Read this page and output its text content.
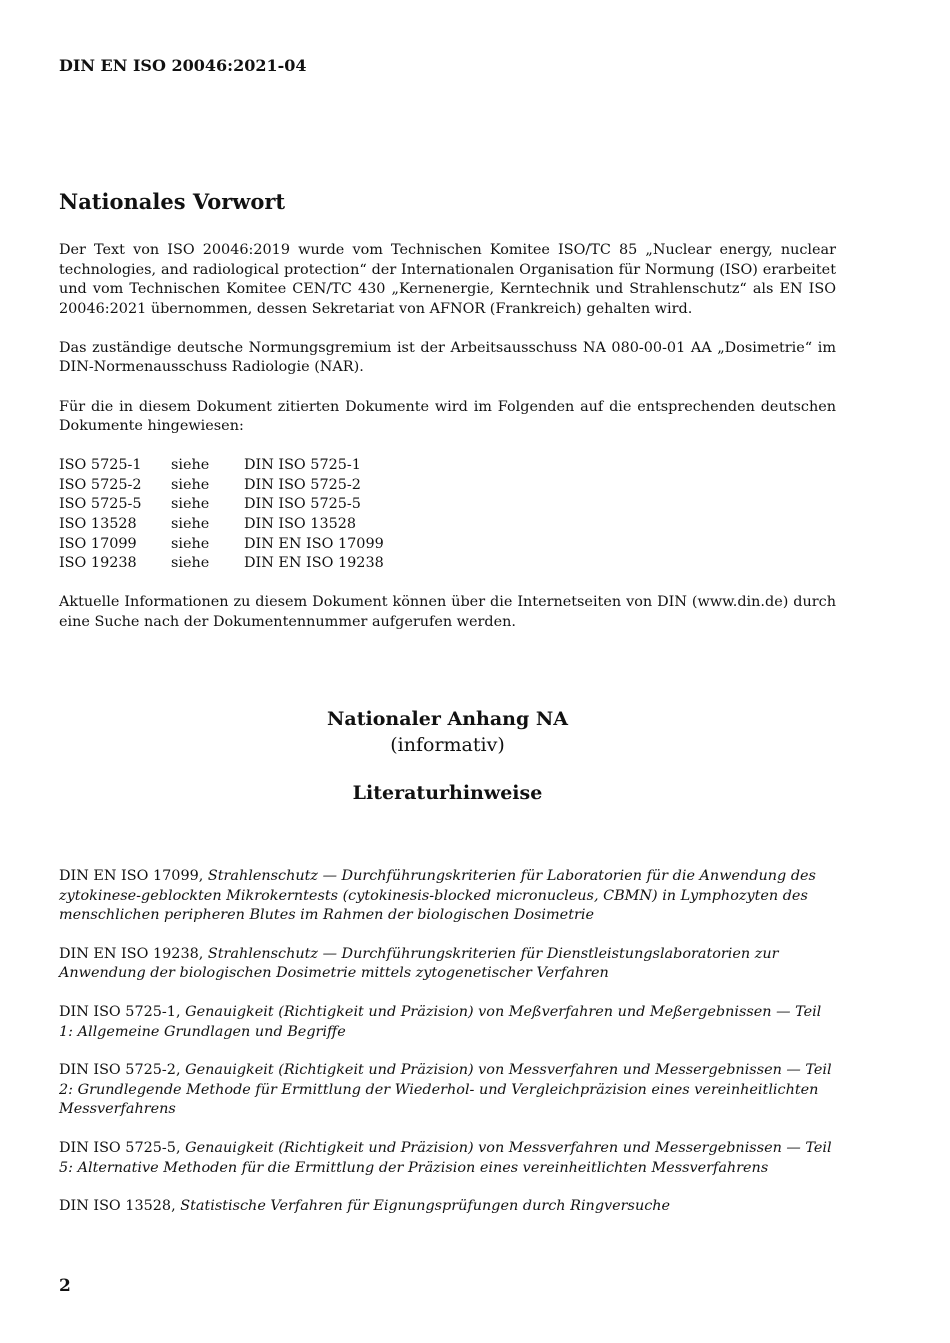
DIN EN ISO 20046:2021-04
Nationales Vorwort

Der Text von ISO 20046:2019 wurde vom Technischen Komitee ISO/TC 85 „Nuclear energy, nuclear technologies, and radiological protection“ der Internationalen Organisation für Normung (ISO) erarbeitet und vom Technischen Komitee CEN/TC 430 „Kernenergie, Kerntechnik und Strahlenschutz“ als EN ISO 20046:2021 übernommen, dessen Sekretariat von AFNOR (Frankreich) gehalten wird.

Das zuständige deutsche Normungsgremium ist der Arbeitsausschuss NA 080-00-01 AA „Dosimetrie“ im DIN-Normenausschuss Radiologie (NAR).

Für die in diesem Dokument zitierten Dokumente wird im Folgenden auf die entsprechenden deutschen Dokumente hingewiesen:

ISO 5725-1	siehe	DIN ISO 5725-1
ISO 5725-2	siehe	DIN ISO 5725-2
ISO 5725-5	siehe	DIN ISO 5725-5
ISO 13528	siehe	DIN ISO 13528
ISO 17099	siehe	DIN EN ISO 17099
ISO 19238	siehe	DIN EN ISO 19238

Aktuelle Informationen zu diesem Dokument können über die Internetseiten von DIN (www.din.de) durch eine Suche nach der Dokumentennummer aufgerufen werden.

Nationaler Anhang NA
(informativ)
Literaturhinweise

DIN EN ISO 17099, Strahlenschutz — Durchführungskriterien für Laboratorien für die Anwendung des zytokinese-geblockten Mikrokerntests (cytokinesis-blocked micronucleus, CBMN) in Lymphozyten des menschlichen peripheren Blutes im Rahmen der biologischen Dosimetrie

DIN EN ISO 19238, Strahlenschutz — Durchführungskriterien für Dienstleistungslaboratorien zur Anwendung der biologischen Dosimetrie mittels zytogenetischer Verfahren

DIN ISO 5725-1, Genauigkeit (Richtigkeit und Präzision) von Meßverfahren und Meßergebnissen — Teil 1: Allgemeine Grundlagen und Begriffe

DIN ISO 5725-2, Genauigkeit (Richtigkeit und Präzision) von Messverfahren und Messergebnissen — Teil 2: Grundlegende Methode für Ermittlung der Wiederhol- und Vergleichpräzision eines vereinheitlichten Messverfahrens

DIN ISO 5725-5, Genauigkeit (Richtigkeit und Präzision) von Messverfahren und Messergebnissen — Teil 5: Alternative Methoden für die Ermittlung der Präzision eines vereinheitlichten Messverfahrens

DIN ISO 13528, Statistische Verfahren für Eignungsprüfungen durch Ringversuche

2
